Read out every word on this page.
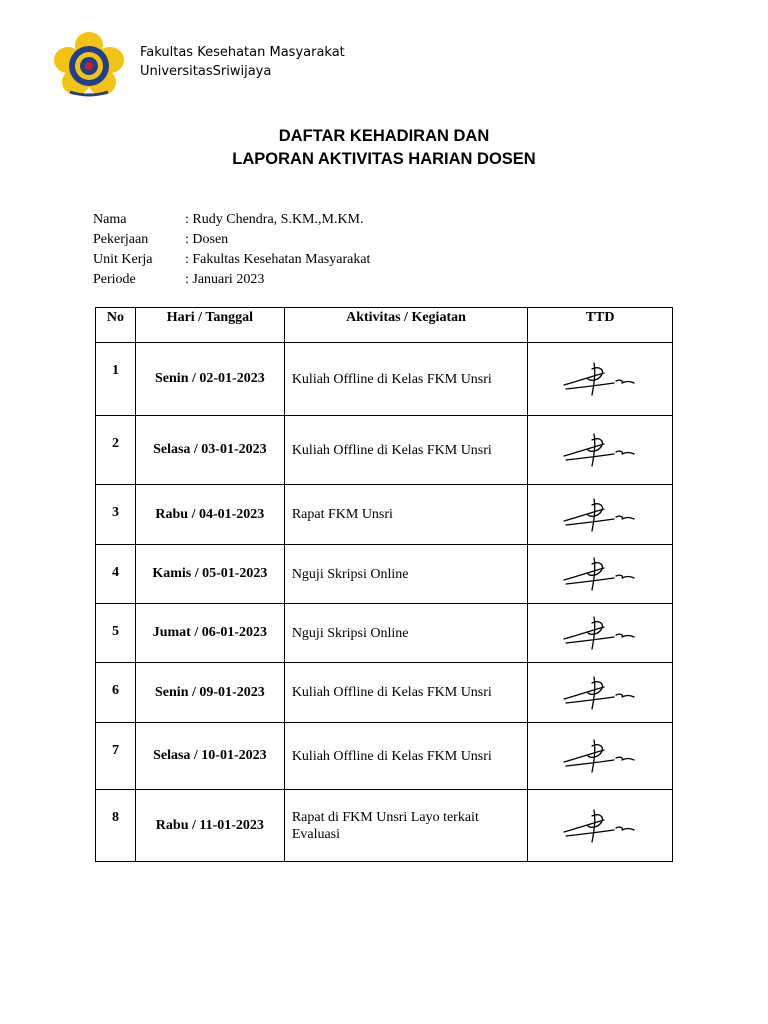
Fakultas Kesehatan Masyarakat
UniversitasSriwijaya
DAFTAR KEHADIRAN DAN
LAPORAN AKTIVITAS HARIAN DOSEN
Nama	: Rudy Chendra, S.KM.,M.KM.
Pekerjaan	: Dosen
Unit Kerja	: Fakultas Kesehatan Masyarakat
Periode	: Januari 2023
No	Hari / Tanggal	Aktivitas / Kegiatan	TTD

1	Senin / 02-01-2023	Kuliah Offline di Kelas FKM Unsri	

2	Selasa / 03-01-2023	Kuliah Offline di Kelas FKM Unsri	

3	Rabu / 04-01-2023	Rapat FKM Unsri	

4	Kamis / 05-01-2023	Nguji Skripsi Online	

5	Jumat / 06-01-2023	Nguji Skripsi Online	

6	Senin / 09-01-2023	Kuliah Offline di Kelas FKM Unsri	

7	Selasa / 10-01-2023	Kuliah Offline di Kelas FKM Unsri	

8	Rabu / 11-01-2023	Rapat di FKM Unsri Layo terkait Evaluasi	
